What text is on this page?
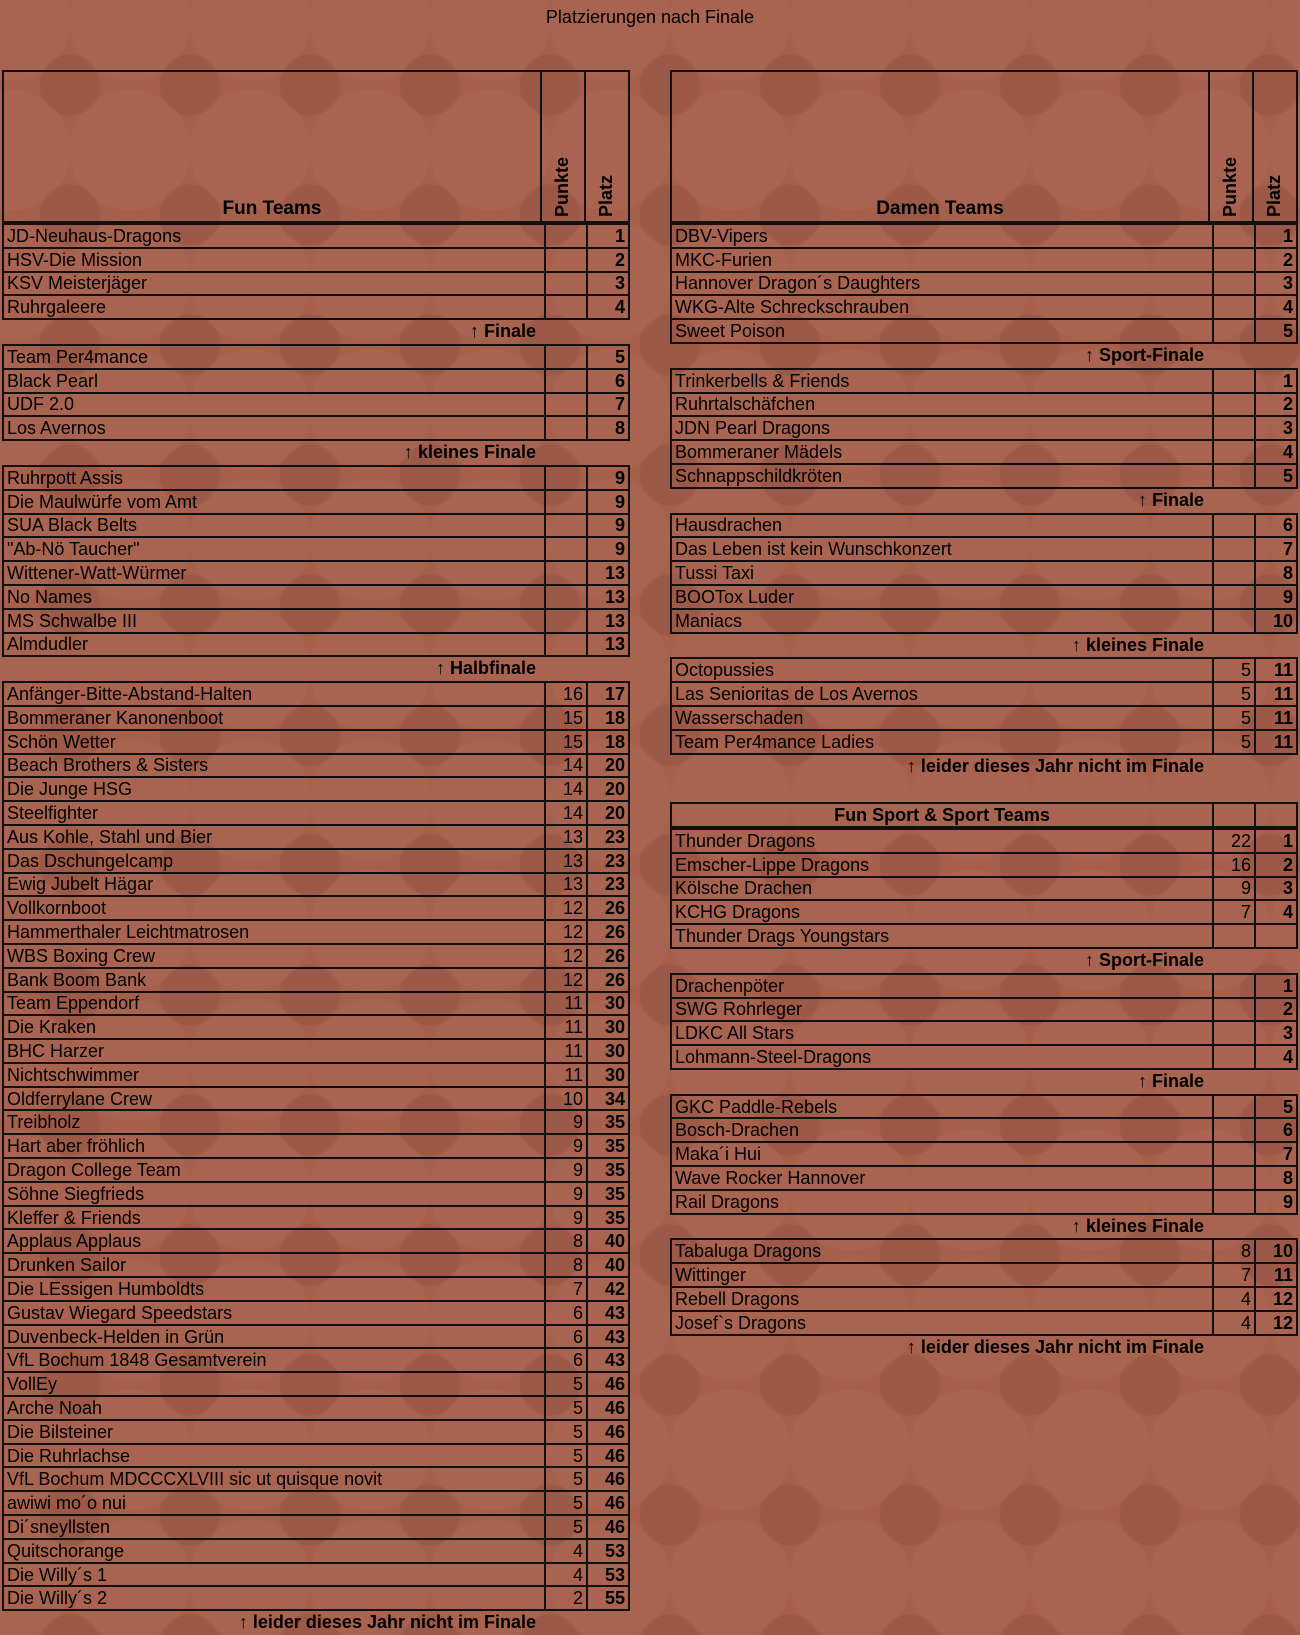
Platzierungen nach Finale
Fun Teams	Punkte Platz
JD-Neuhaus-Dragons		1
HSV-Die Mission		2
KSV Meisterjäger		3
Ruhrgaleere		4
↑ Finale
Team Per4mance		5
Black Pearl		6
UDF 2.0		7
Los Avernos		8
↑ kleines Finale
Ruhrpott Assis		9
Die Maulwürfe vom Amt		9
SUA Black Belts		9
"Ab-Nö Taucher"		9
Wittener-Watt-Würmer		13
No Names		13
MS Schwalbe III		13
Almdudler		13
↑ Halbfinale
Anfänger-Bitte-Abstand-Halten	16	17
Bommeraner Kanonenboot	15	18
Schön Wetter	15	18
Beach Brothers & Sisters	14	20
Die Junge HSG	14	20
Steelfighter	14	20
Aus Kohle, Stahl und Bier	13	23
Das Dschungelcamp	13	23
Ewig Jubelt Hägar	13	23
Vollkornboot	12	26
Hammerthaler Leichtmatrosen	12	26
WBS Boxing Crew	12	26
Bank Boom Bank	12	26
Team Eppendorf	11	30
Die Kraken	11	30
BHC Harzer	11	30
Nichtschwimmer	11	30
Oldferrylane Crew	10	34
Treibholz	9	35
Hart aber fröhlich	9	35
Dragon College Team	9	35
Söhne Siegfrieds	9	35
Kleffer & Friends	9	35
Applaus Applaus	8	40
Drunken Sailor	8	40
Die LEssigen Humboldts	7	42
Gustav Wiegard Speedstars	6	43
Duvenbeck-Helden in Grün	6	43
VfL Bochum 1848 Gesamtverein	6	43
VollEy	5	46
Arche Noah	5	46
Die Bilsteiner	5	46
Die Ruhrlachse	5	46
VfL Bochum MDCCCXLVIII sic ut quisque novit	5	46
awiwi mo´o nui	5	46
Di´sneyllsten	5	46
Quitschorange	4	53
Die Willy´s 1	4	53
Die Willy´s 2	2	55
↑ leider dieses Jahr nicht im Finale
Damen Teams	Punkte Platz
DBV-Vipers		1
MKC-Furien		2
Hannover Dragon´s Daughters		3
WKG-Alte Schreckschrauben		4
Sweet Poison		5
↑ Sport-Finale
Trinkerbells & Friends		1
Ruhrtalschäfchen		2
JDN Pearl Dragons		3
Bommeraner Mädels		4
Schnappschildkröten		5
↑ Finale
Hausdrachen		6
Das Leben ist kein Wunschkonzert		7
Tussi Taxi		8
BOOTox Luder		9
Maniacs		10
↑ kleines Finale
Octopussies	5	11
Las Senioritas de Los Avernos	5	11
Wasserschaden	5	11
Team Per4mance Ladies	5	11
↑ leider dieses Jahr nicht im Finale
Fun Sport & Sport Teams		
Thunder Dragons	22	1
Emscher-Lippe Dragons	16	2
Kölsche Drachen	9	3
KCHG Dragons	7	4
Thunder Drags Youngstars		
↑ Sport-Finale
Drachenpöter		1
SWG Rohrleger		2
LDKC All Stars		3
Lohmann-Steel-Dragons		4
↑ Finale
GKC Paddle-Rebels		5
Bosch-Drachen		6
Maka´i Hui		7
Wave Rocker Hannover		8
Rail Dragons		9
↑ kleines Finale
Tabaluga Dragons	8	10
Wittinger	7	11
Rebell Dragons	4	12
Josef`s Dragons	4	12
↑ leider dieses Jahr nicht im Finale
